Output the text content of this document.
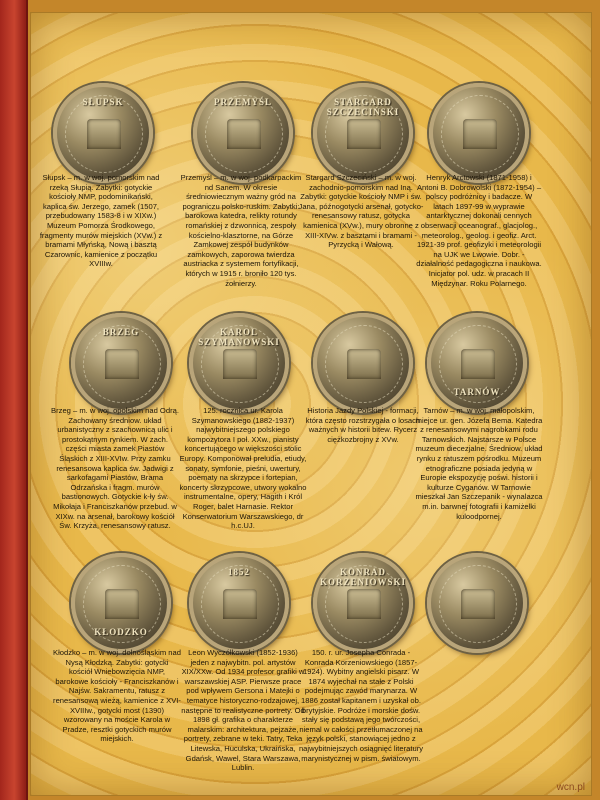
SŁUPSK
Słupsk – m. w woj. pomorskim nad rzeką Słupią. Zabytki: gotyckie kościoły NMP, podominikański, kaplica św. Jerzego, zamek (1507, przebudowany 1583-8 i w XIXw.) Muzeum Pomorza Środkowego, fragmenty murów miejskich (XVw.) z bramami Młyńską, Nową i basztą Czarownic, kamienice z początku XVIIIw.
PRZEMYŚL
Przemyśl – m. w woj. podkarpackim nd Sanem. W okresie średniowiecznym ważny gród na pograniczu polsko-ruskim. Zabytki: barokowa katedra, relikty rotundy romańskiej z dzwonnicą, zespoły kościelno-klasztorne, na Górze Zamkowej zespół budynków zamkowych, zaporowa twierdza austriacka z systemem fortyfikacji, których w 1915 r. broniło 120 tys. żołnierzy.
STARGARD SZCZECIŃSKI
Stargard Szczeciński – m. w woj. zachodnio-pomorskim nad Iną. Zabytki: gotyckie kościoły NMP i św. Jana, późnogotycki arsenał, gotycko-renesansowy ratusz, gotycka kamienica (XVw.), mury obronne z XIII-XIVw. z basztami i bramami - Pyrzycką i Wałową.
Henryk Arctowski (1871-1958) i Antoni B. Dobrowolski (1872-1954) – polscy podróżnicy i badacze. W latach 1897-99 w wyprawie antarktycznej dokonali cennych obserwacji oceanograf., glacjolog., meteorolog., geolog. i geofiz. Arct. 1921-39 prof. geofizyki i meteorologii na UJK we Lwowie. Dobr. - działalność pedagogiczna i naukowa. Inicjator pol. udz. w pracach II Międzynar. Roku Polarnego.
BRZEG
Brzeg – m. w woj. opolskim nad Odrą. Zachowany średniow. układ urbanistyczny z szachownicą ulic i prostokątnym rynkiem. W zach. części miasta zamek Piastów Śląskich z XIII-XVIw. Przy zamku renesansowa kaplica św. Jadwigi z sarkofagami Piastów, Brama Odrzańska i fragm. murów bastionowych. Gotyckie k-ły św. Mikołaja i Franciszkanów przebud. w XIXw. na arsenał, barokowy kościół Św. Krzyża, renesansowy ratusz.
KAROL SZYMANOWSKI
125. rocznica ur. Karola Szymanowskiego (1882-1937) najwybitniejszego polskiego kompozytora I poł. XXw., pianisty koncertującego w większości stolic Europy. Komponował preludia, etiudy, sonaty, symfonie, pieśni, uwertury, poematy na skrzypce i fortepian, koncerty skrzypcowe, utwory wokalno instrumentalne, opery, Hagith i Król Roger, balet Harnasie. Rektor Konserwatorium Warszawskiego, dr h.c.UJ.
Historia Jazdy Polskiej - formacji, która często rozstrzygała o losach ważnych w historii bitew. Rycerz ciężkozbrojny z XVw.
TARNÓW
Tarnów – m. w woj. małopolskim, miejce ur. gen. Józefa Bema. Katedra z renesansowymi nagrobkami rodu Tarnowskich. Najstarsze w Polsce muzeum diecezjalne. Średniow. układ rynku z ratuszem pośrodku. Muzeum etnograficzne posiada jedyną w Europie ekspozycję poświ. historii i kulturze Cyganów. W Tarnowie mieszkał Jan Szczepanik - wynalazca m.in. barwnej fotografii i kamiżelki kuloodpornej.
KŁODZKO
Kłodzko – m. w woj. dolnośląskim nad Nysą Kłodzką. Zabytki: gotycki kościół Wniebowzięcia NMP, barokowe kościoły - Franciszkanów i Najśw. Sakramentu, ratusz z renesansową wieżą, kamienice z XVI-XVIIIw., gotycki most (1390) wzorowany na moście Karola w Pradze, resztki gotyckich murów miejskich.
1852
Leon Wyczółkowski (1852-1936) jeden z najwybitn. pol. artystów XIX/XXw. Od 1934 profesor grafiki w warszawskiej ASP. Pierwsze prace pod wpływem Gersona i Matejki o tematyce historyczno-rodzajowej, następne to realistyczne portrety. Od 1898 gł. grafika o charakterze malarskim: architektura, pejzaże, portrety, zebrane w teki. Tatry, Teka Litewska, Huculska, Ukraińska, Gdańsk, Wawel, Stara Warszawa, Lublin.
KONRAD KORZENIOWSKI
150. r. ur. Josepha Conrada - Konrada Korzeniowskiego (1857-1924). Wybitny angielski pisarz. W 1874 wyjechał na stałe z Polski podejmując zawód marynarza. W 1886 został kapitanem i uzyskał ob. brytyjskie. Podróże i morskie dośw. stały się podstawą jego twórczości, niemal w całości przetłumaczonej na język polski, stanowiącej jedno z najwybitniejszych osiągnięć literatury marynistycznej w pism. światowym.
wcn.pl
